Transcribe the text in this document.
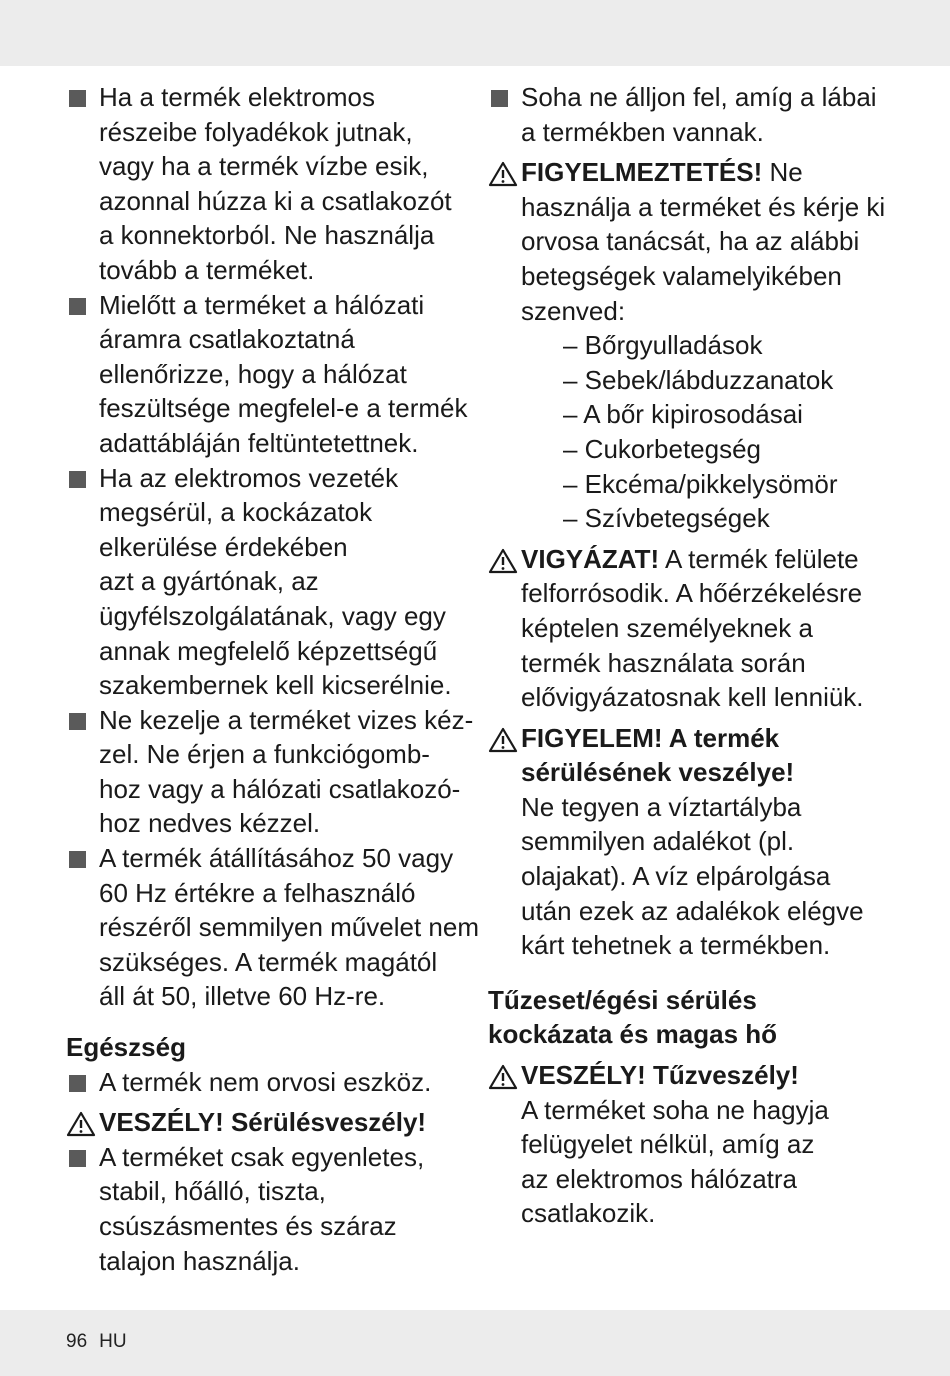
Ha a termék elektromos
részeibe folyadékok jutnak,
vagy ha a termék vízbe esik,
azonnal húzza ki a csatlakozót
a konnektorból. Ne használja
tovább a terméket.
Mielőtt a terméket a hálózati
áramra csatlakoztatná
ellenőrizze, hogy a hálózat
feszültsége megfelel-e a termék
adattábláján feltüntetettnek.
Ha az elektromos vezeték
megsérül, a kockázatok
elkerülése érdekében
azt a gyártónak, az
ügyfélszolgálatának, vagy egy
annak megfelelő képzettségű
szakembernek kell kicserélnie.
Ne kezelje a terméket vizes kéz-
zel. Ne érjen a funkciógomb-
hoz vagy a hálózati csatlakozó-
hoz nedves kézzel.
A termék átállításához 50 vagy
60 Hz értékre a felhasználó
részéről semmilyen művelet nem
szükséges. A termék magától
áll át 50, illetve 60 Hz-re.
Egészség
A termék nem orvosi eszköz.
VESZÉLY! Sérülésveszély!
A terméket csak egyenletes,
stabil, hőálló, tiszta,
csúszásmentes és száraz
talajon használja.
Soha ne álljon fel, amíg a lábai
a termékben vannak.
FIGYELMEZTETÉS! Ne
használja a terméket és kérje ki
orvosa tanácsát, ha az alábbi
betegségek valamelyikében
szenved:
– Bőrgyulladások
– Sebek/lábduzzanatok
– A bőr kipirosodásai
– Cukorbetegség
– Ekcéma/pikkelysömör
– Szívbetegségek
VIGYÁZAT! A termék felülete
felforrósodik. A hőérzékelésre
képtelen személyeknek a
termék használata során
elővigyázatosnak kell lenniük.
FIGYELEM! A termék
sérülésének veszélye!
Ne tegyen a víztartályba
semmilyen adalékot (pl.
olajakat). A víz elpárolgása
után ezek az adalékok elégve
kárt tehetnek a termékben.
Tűzeset/égési sérülés
kockázata és magas hő
VESZÉLY! Tűzveszély!
A terméket soha ne hagyja
felügyelet nélkül, amíg az
az elektromos hálózatra
csatlakozik.
96 HU
